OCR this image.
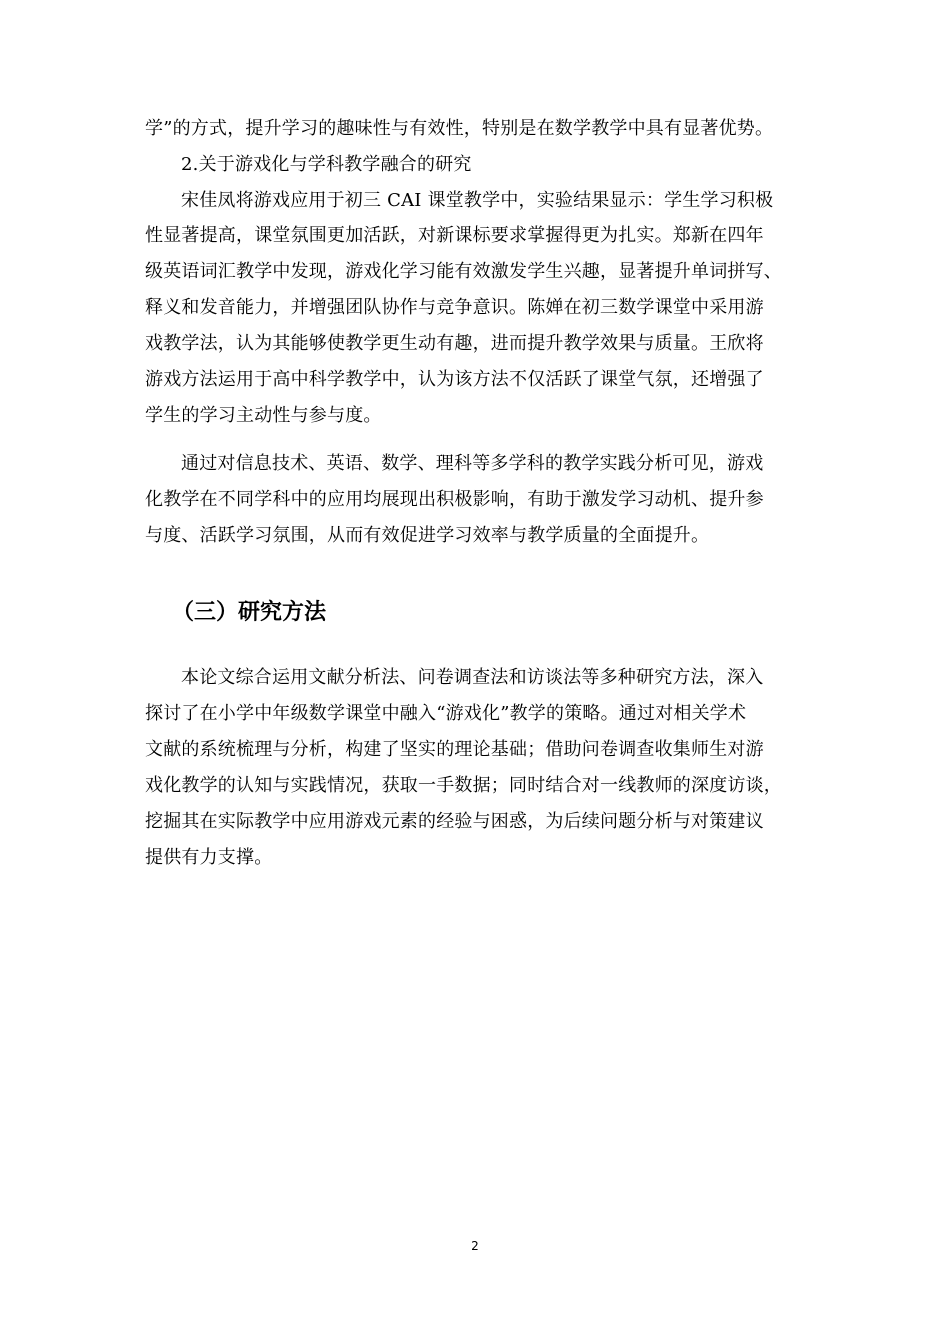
学”的方式，提升学习的趣味性与有效性，特别是在数学教学中具有显著优势。
2.关于游戏化与学科教学融合的研究
宋佳凤将游戏应用于初三 CAI 课堂教学中，实验结果显示：学生学习积极
性显著提高，课堂氛围更加活跃，对新课标要求掌握得更为扎实。郑新在四年
级英语词汇教学中发现，游戏化学习能有效激发学生兴趣，显著提升单词拼写、
释义和发音能力，并增强团队协作与竞争意识。陈婵在初三数学课堂中采用游
戏教学法，认为其能够使教学更生动有趣，进而提升教学效果与质量。王欣将
游戏方法运用于高中科学教学中，认为该方法不仅活跃了课堂气氛，还增强了
学生的学习主动性与参与度。
通过对信息技术、英语、数学、理科等多学科的教学实践分析可见，游戏
化教学在不同学科中的应用均展现出积极影响，有助于激发学习动机、提升参
与度、活跃学习氛围，从而有效促进学习效率与教学质量的全面提升。
（三）研究方法
本论文综合运用文献分析法、问卷调查法和访谈法等多种研究方法，深入
探讨了在小学中年级数学课堂中融入“游戏化”教学的策略。通过对相关学术
文献的系统梳理与分析，构建了坚实的理论基础；借助问卷调查收集师生对游
戏化教学的认知与实践情况，获取一手数据；同时结合对一线教师的深度访谈，
挖掘其在实际教学中应用游戏元素的经验与困惑，为后续问题分析与对策建议
提供有力支撑。
2
